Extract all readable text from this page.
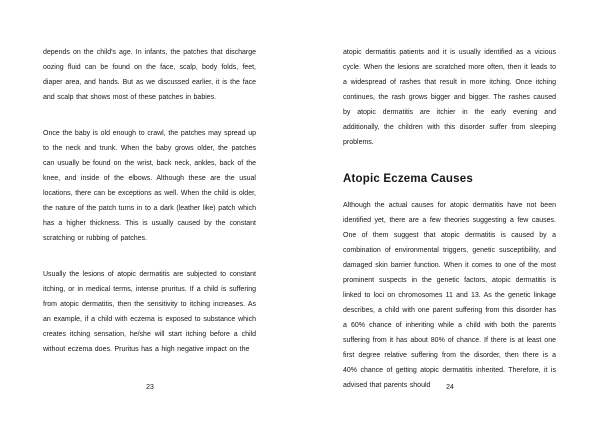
depends on the child's age. In infants, the patches that discharge oozing fluid can be found on the face, scalp, body folds, feet, diaper area, and hands. But as we discussed earlier, it is the face and scalp that shows most of these patches in babies.

Once the baby is old enough to crawl, the patches may spread up to the neck and trunk. When the baby grows older, the patches can usually be found on the wrist, back neck, ankles, back of the knee, and inside of the elbows. Although these are the usual locations, there can be exceptions as well. When the child is older, the nature of the patch turns in to a dark (leather like) patch which has a higher thickness. This is usually caused by the constant scratching or rubbing of patches.

Usually the lesions of atopic dermatitis are subjected to constant itching, or in medical terms, intense pruritus. If a child is suffering from atopic dermatitis, then the sensitivity to itching increases. As an example, if a child with eczema is exposed to substance which creates itching sensation, he/she will start itching before a child without eczema does. Pruritus has a high negative impact on the

23

atopic dermatitis patients and it is usually identified as a vicious cycle. When the lesions are scratched more often, then it leads to a widespread of rashes that result in more itching. Once itching continues, the rash grows bigger and bigger. The rashes caused by atopic dermatitis are itchier in the early evening and additionally, the children with this disorder suffer from sleeping problems.

Atopic Eczema Causes

Although the actual causes for atopic dermatitis have not been identified yet, there are a few theories suggesting a few causes. One of them suggest that atopic dermatitis is caused by a combination of environmental triggers, genetic susceptibility, and damaged skin barrier function. When it comes to one of the most prominent suspects in the genetic factors, atopic dermatitis is linked to loci on chromosomes 11 and 13. As the genetic linkage describes, a child with one parent suffering from this disorder has a 60% chance of inheriting while a child with both the parents suffering from it has about 80% of chance. If there is at least one first degree relative suffering from the disorder, then there is a 40% chance of getting atopic dermatitis inherited. Therefore, it is advised that parents should	24
